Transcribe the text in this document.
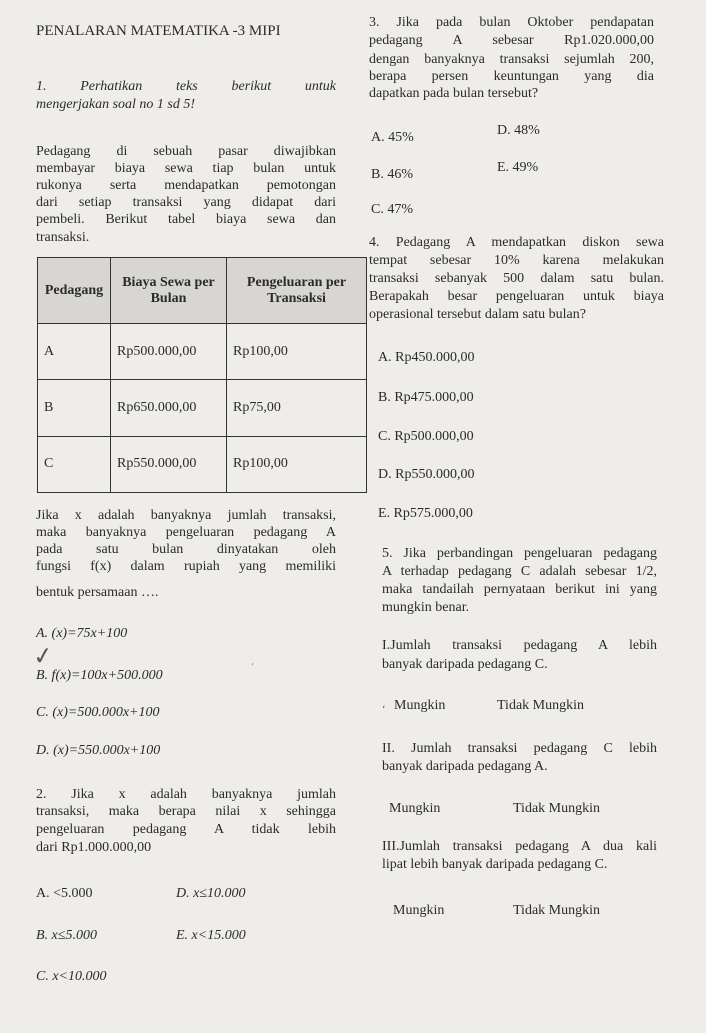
PENALARAN MATEMATIKA -3 MIPI
1. Perhatikan teks berikut untuk
mengerjakan soal no 1 sd 5!
Pedagang di sebuah pasar diwajibkan
membayar biaya sewa tiap bulan untuk
rukonya serta mendapatkan pemotongan
dari setiap transaksi yang didapat dari
pembeli. Berikut tabel biaya sewa dan
transaksi.
Pedagang	Biaya Sewa per Bulan	Pengeluaran per Transaksi
A	Rp500.000,00	Rp100,00
B	Rp650.000,00	Rp75,00
C	Rp550.000,00	Rp100,00
Jika x adalah banyaknya jumlah transaksi,
maka banyaknya pengeluaran pedagang A
pada satu bulan dinyatakan oleh
fungsi f(x) dalam rupiah yang memiliki
bentuk persamaan ….
A. (x)=75x+100
B. f(x)=100x+500.000
C. (x)=500.000x+100
D. (x)=550.000x+100
✓	،
2. Jika x adalah banyaknya jumlah
transaksi, maka berapa nilai x sehingga
pengeluaran pedagang A tidak lebih
dari Rp1.000.000,00
A. <5.000	D. x≤10.000
B. x≤5.000	E. x<15.000
C. x<10.000
3. Jika pada bulan Oktober pendapatan
pedagang A sebesar Rp1.020.000,00
dengan banyaknya transaksi sejumlah 200,
berapa persen keuntungan yang dia
dapatkan pada bulan tersebut?
A. 45%	D. 48%
B. 46%	E. 49%
C. 47%
4. Pedagang A mendapatkan diskon sewa
tempat sebesar 10% karena melakukan
transaksi sebanyak 500 dalam satu bulan.
Berapakah besar pengeluaran untuk biaya
operasional tersebut dalam satu bulan?
A. Rp450.000,00
B. Rp475.000,00
C. Rp500.000,00
D. Rp550.000,00
E. Rp575.000,00
5. Jika perbandingan pengeluaran pedagang
A terhadap pedagang C adalah sebesar 1/2,
maka tandailah pernyataan berikut ini yang
mungkin benar.
I.Jumlah transaksi pedagang A lebih
banyak daripada pedagang C.
، Mungkin	Tidak Mungkin
II. Jumlah transaksi pedagang C lebih
banyak daripada pedagang A.
Mungkin	Tidak Mungkin
III.Jumlah transaksi pedagang A dua kali
lipat lebih banyak daripada pedagang C.
Mungkin	Tidak Mungkin
